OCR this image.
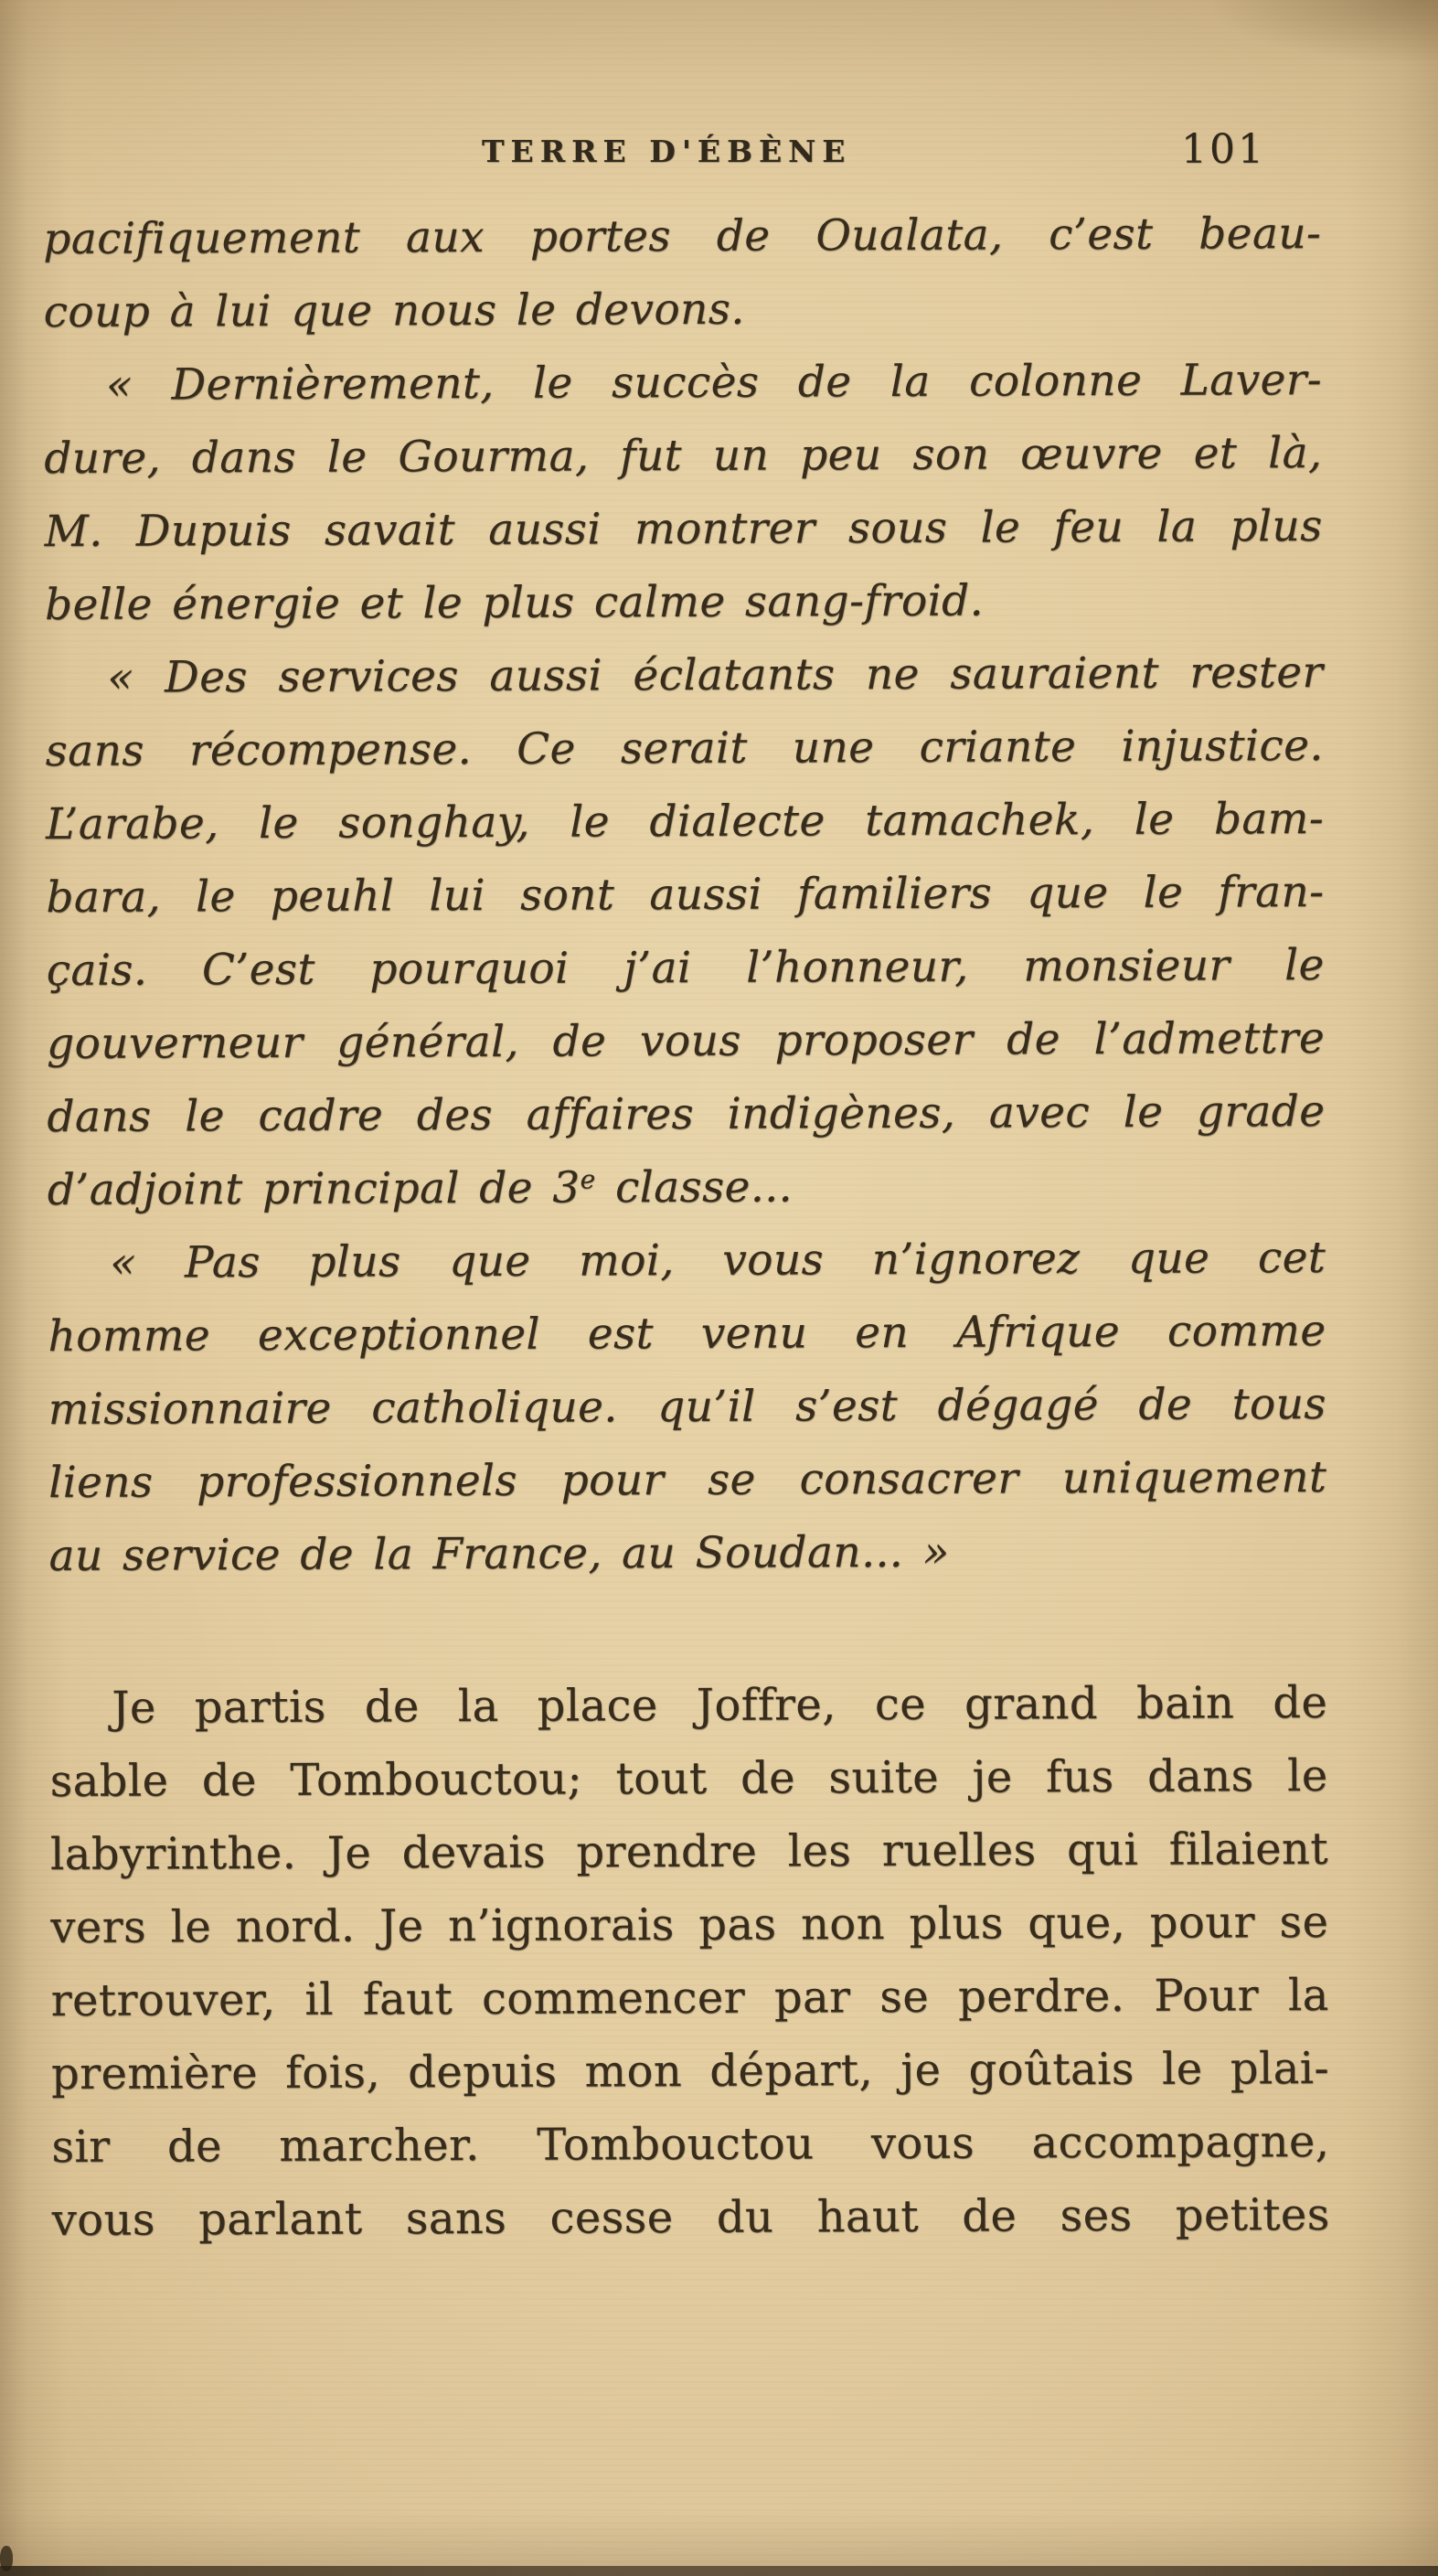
TERRE D'ÉBÈNE	101
pacifiquement aux portes de Oualata, c’est beau-
coup à lui que nous le devons.
« Dernièrement, le succès de la colonne Laver-
dure, dans le Gourma, fut un peu son œuvre et là,
M. Dupuis savait aussi montrer sous le feu la plus
belle énergie et le plus calme sang-froid.
« Des services aussi éclatants ne sauraient rester
sans récompense. Ce serait une criante injustice.
L’arabe, le songhay, le dialecte tamachek, le bam-
bara, le peuhl lui sont aussi familiers que le fran-
çais. C’est pourquoi j’ai l’honneur, monsieur le
gouverneur général, de vous proposer de l’admettre
dans le cadre des affaires indigènes, avec le grade
d’adjoint principal de 3e classe...
« Pas plus que moi, vous n’ignorez que cet
homme exceptionnel est venu en Afrique comme
missionnaire catholique. qu’il s’est dégagé de tous
liens professionnels pour se consacrer uniquement
au service de la France, au Soudan... »
Je partis de la place Joffre, ce grand bain de
sable de Tombouctou; tout de suite je fus dans le
labyrinthe. Je devais prendre les ruelles qui filaient
vers le nord. Je n’ignorais pas non plus que, pour se
retrouver, il faut commencer par se perdre. Pour la
première fois, depuis mon départ, je goûtais le plai-
sir de marcher. Tombouctou vous accompagne,
vous parlant sans cesse du haut de ses petites
